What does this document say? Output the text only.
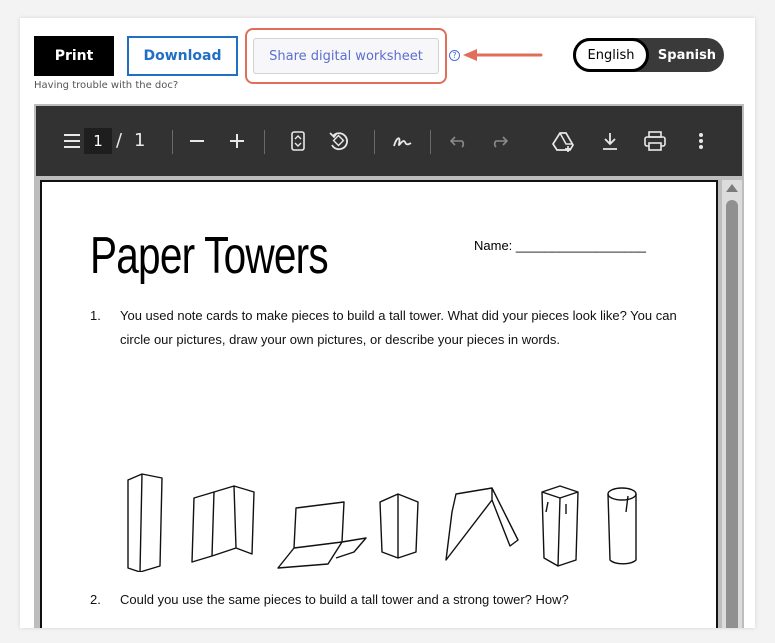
Print	Download	Share digital worksheet	?
Having trouble with the doc?
English	Spanish
1 / 1
Paper Towers	Name: __________________
1. You used note cards to make pieces to build a tall tower. What did your pieces look like? You can circle our pictures, draw your own pictures, or describe your pieces in words.
2. Could you use the same pieces to build a tall tower and a strong tower? How?
